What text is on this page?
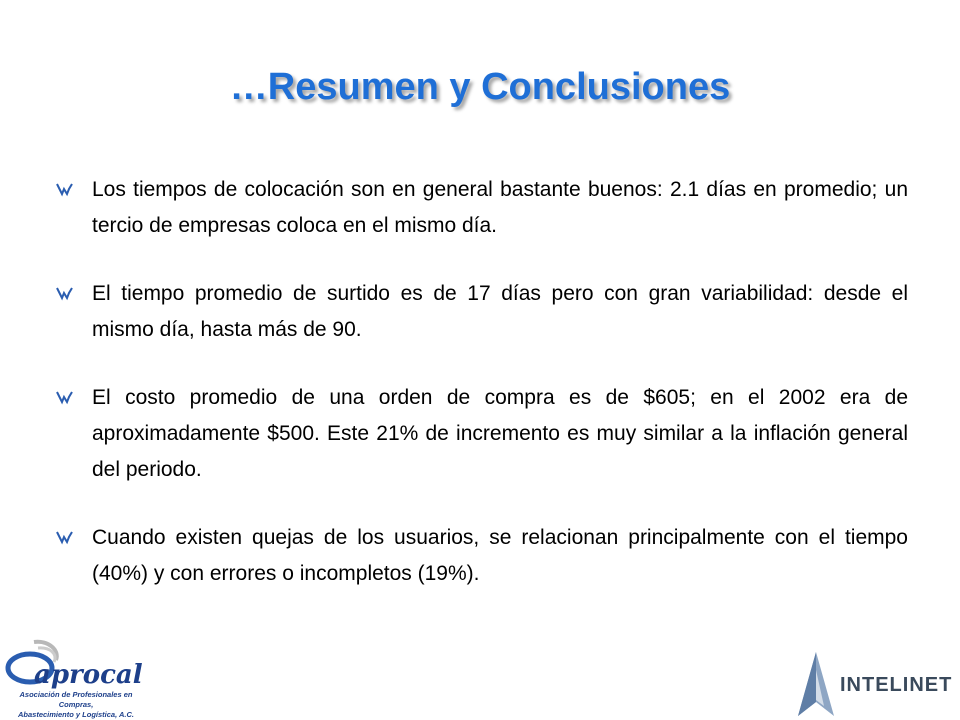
…Resumen y Conclusiones
Los tiempos de colocación son en general bastante buenos: 2.1 días en promedio; un tercio de empresas coloca en el mismo día.
El tiempo promedio de surtido es de 17 días pero con gran variabilidad: desde el mismo día, hasta más de 90.
El costo promedio de una orden de compra es de $605; en el 2002 era de aproximadamente $500. Este 21% de incremento es muy similar a la inflación general del periodo.
Cuando existen quejas de los usuarios, se relacionan principalmente con el tiempo (40%) y con errores o incompletos (19%).
aprocal
Asociación de Profesionales en Compras,
Abastecimiento y Logística, A.C.
INTELINET
